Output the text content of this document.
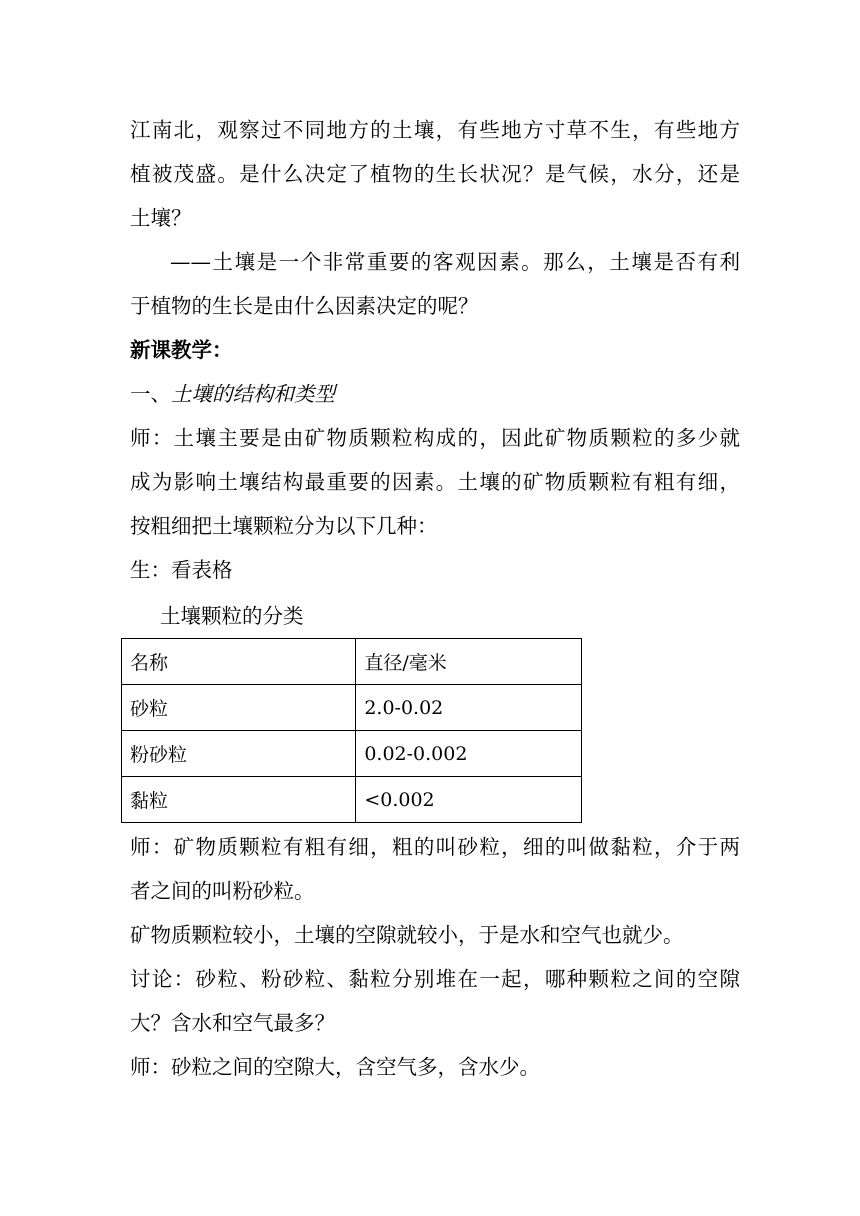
江南北，观察过不同地方的土壤，有些地方寸草不生，有些地方
植被茂盛。是什么决定了植物的生长状况？是气候，水分，还是
土壤？
——土壤是一个非常重要的客观因素。那么，土壤是否有利
于植物的生长是由什么因素决定的呢？
新课教学：
一、土壤的结构和类型
师：土壤主要是由矿物质颗粒构成的，因此矿物质颗粒的多少就
成为影响土壤结构最重要的因素。土壤的矿物质颗粒有粗有细，
按粗细把土壤颗粒分为以下几种：
生：看表格
土壤颗粒的分类
名称	直径/毫米
砂粒	2.0-0.02
粉砂粒	0.02-0.002
黏粒	<0.002
师：矿物质颗粒有粗有细，粗的叫砂粒，细的叫做黏粒，介于两
者之间的叫粉砂粒。
矿物质颗粒较小，土壤的空隙就较小，于是水和空气也就少。
讨论：砂粒、粉砂粒、黏粒分别堆在一起，哪种颗粒之间的空隙
大？含水和空气最多？
师：砂粒之间的空隙大，含空气多，含水少。
